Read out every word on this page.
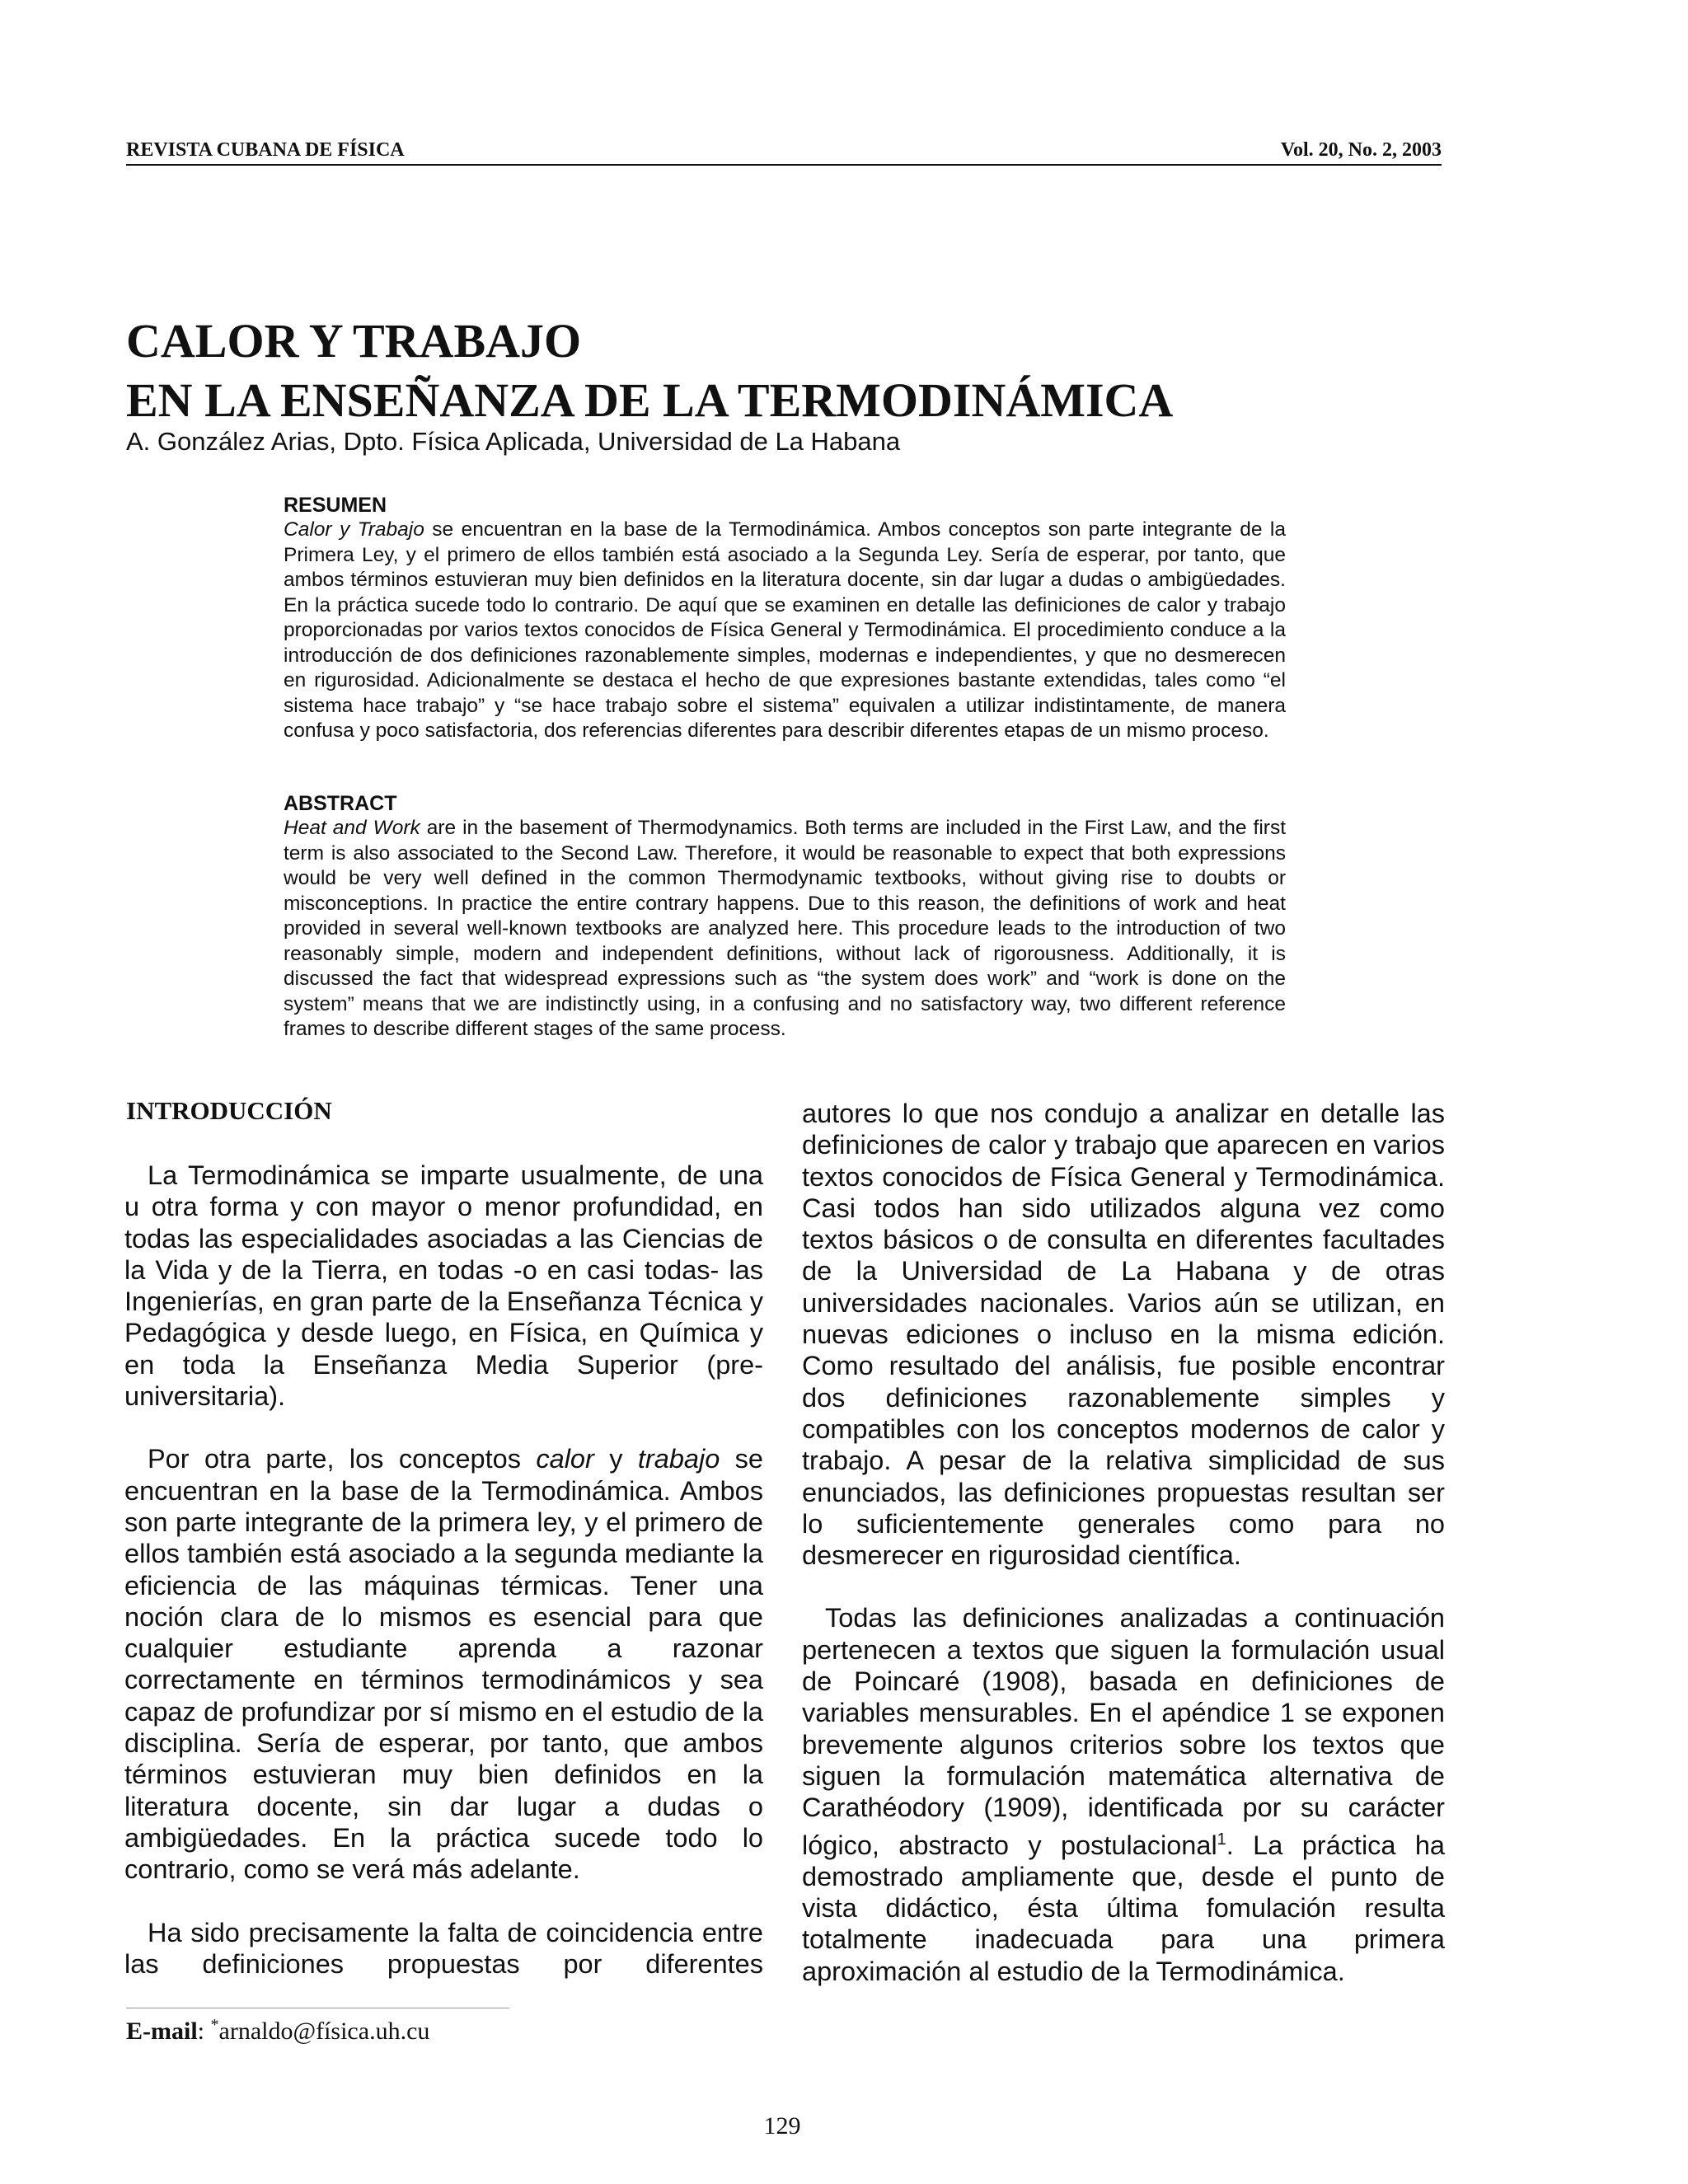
REVISTA CUBANA DE FÍSICA	Vol. 20, No. 2, 2003
CALOR Y TRABAJO
EN LA ENSEÑANZA DE LA TERMODINÁMICA
A. González Arias, Dpto. Física Aplicada, Universidad de La Habana
RESUMEN

Calor y Trabajo se encuentran en la base de la Termodinámica. Ambos conceptos son parte integrante de la Primera Ley, y el primero de ellos también está asociado a la Segunda Ley. Sería de esperar, por tanto, que ambos términos estuvieran muy bien definidos en la literatura docente, sin dar lugar a dudas o ambigüedades. En la práctica sucede todo lo contrario. De aquí que se examinen en detalle las definiciones de calor y trabajo proporcionadas por varios textos conocidos de Física General y Termodinámica. El procedimiento conduce a la introducción de dos definiciones razonablemente simples, modernas e independientes, y que no desmerecen en rigurosidad. Adicionalmente se destaca el hecho de que expresiones bastante extendidas, tales como “el sistema hace trabajo” y “se hace trabajo sobre el sistema” equivalen a utilizar indistintamente, de manera confusa y poco satisfactoria, dos referencias diferentes para describir diferentes etapas de un mismo proceso.

ABSTRACT

Heat and Work are in the basement of Thermodynamics. Both terms are included in the First Law, and the first term is also associated to the Second Law. Therefore, it would be reasonable to expect that both expressions would be very well defined in the common Thermodynamic textbooks, without giving rise to doubts or misconceptions. In practice the entire contrary happens. Due to this reason, the definitions of work and heat provided in several well-known textbooks are analyzed here. This procedure leads to the introduction of two reasonably simple, modern and independent definitions, without lack of rigorousness. Additionally, it is discussed the fact that widespread expressions such as “the system does work” and “work is done on the system” means that we are indistinctly using, in a confusing and no satisfactory way, two different reference frames to describe different stages of the same process.

INTRODUCCIÓN

La Termodinámica se imparte usualmente, de una u otra forma y con mayor o menor profundidad, en todas las especialidades asociadas a las Ciencias de la Vida y de la Tierra, en todas -o en casi todas- las Ingenierías, en gran parte de la Enseñanza Técnica y Pedagógica y desde luego, en Física, en Química y en toda la Enseñanza Media Superior (pre-universitaria).

Por otra parte, los conceptos calor y trabajo se encuentran en la base de la Termodinámica. Ambos son parte integrante de la primera ley, y el primero de ellos también está asociado a la segunda mediante la eficiencia de las máquinas térmicas. Tener una noción clara de lo mismos es esencial para que cualquier estudiante aprenda a razonar correctamente en términos termodinámicos y sea capaz de profundizar por sí mismo en el estudio de la disciplina. Sería de esperar, por tanto, que ambos términos estuvieran muy bien definidos en la literatura docente, sin dar lugar a dudas o ambigüedades. En la práctica sucede todo lo contrario, como se verá más adelante.

Ha sido precisamente la falta de coincidencia entre las definiciones propuestas por diferentes

autores lo que nos condujo a analizar en detalle las definiciones de calor y trabajo que aparecen en varios textos conocidos de Física General y Termodinámica. Casi todos han sido utilizados alguna vez como textos básicos o de consulta en diferentes facultades de la Universidad de La Habana y de otras universidades nacionales. Varios aún se utilizan, en nuevas ediciones o incluso en la misma edición. Como resultado del análisis, fue posible encontrar dos definiciones razonablemente simples y compatibles con los conceptos modernos de calor y trabajo. A pesar de la relativa simplicidad de sus enunciados, las definiciones propuestas resultan ser lo suficientemente generales como para no desmerecer en rigurosidad científica.

Todas las definiciones analizadas a continuación pertenecen a textos que siguen la formulación usual de Poincaré (1908), basada en definiciones de variables mensurables. En el apéndice 1 se exponen brevemente algunos criterios sobre los textos que siguen la formulación matemática alternativa de Carathéodory (1909), identificada por su carácter lógico, abstracto y postulacional$^1$. La práctica ha demostrado ampliamente que, desde el punto de vista didáctico, ésta última fomulación resulta totalmente inadecuada para una primera aproximación al estudio de la Termodinámica.

E-mail: *arnaldo@física.uh.cu
129
